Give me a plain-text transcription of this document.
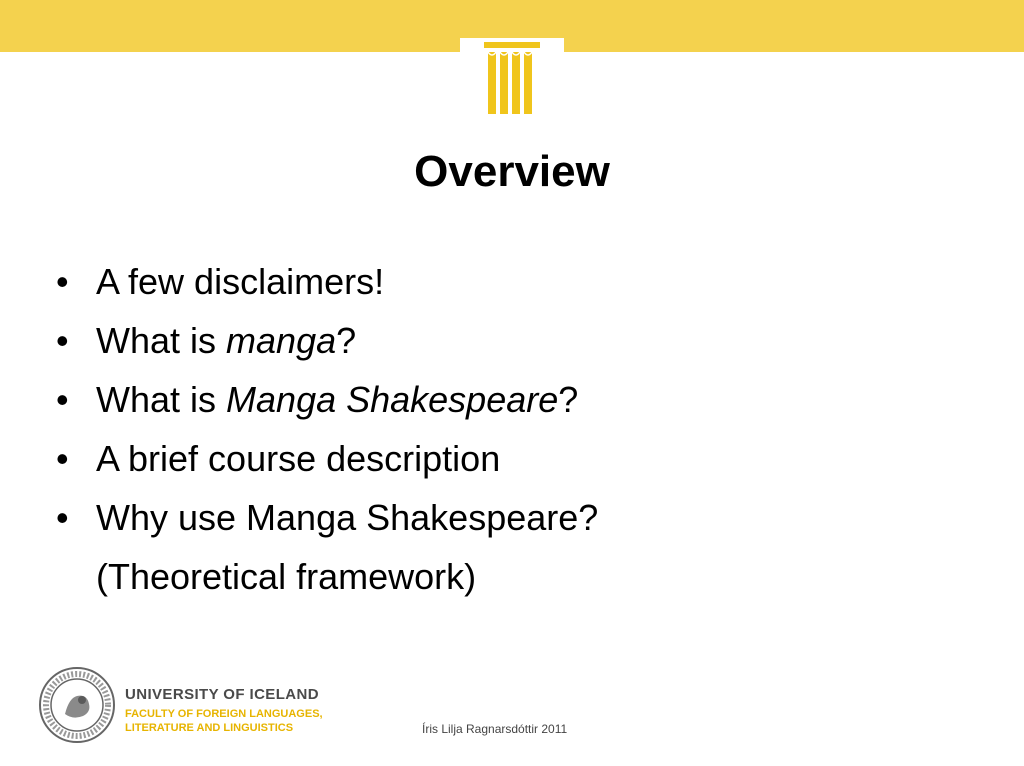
Overview
• A few disclaimers!
• What is manga?
• What is Manga Shakespeare?
• A brief course description
• Why use Manga Shakespeare?
(Theoretical framework)
UNIVERSITY OF ICELAND
FACULTY OF FOREIGN LANGUAGES,
LITERATURE AND LINGUISTICS	Íris Lilja Ragnarsdóttir 2011
